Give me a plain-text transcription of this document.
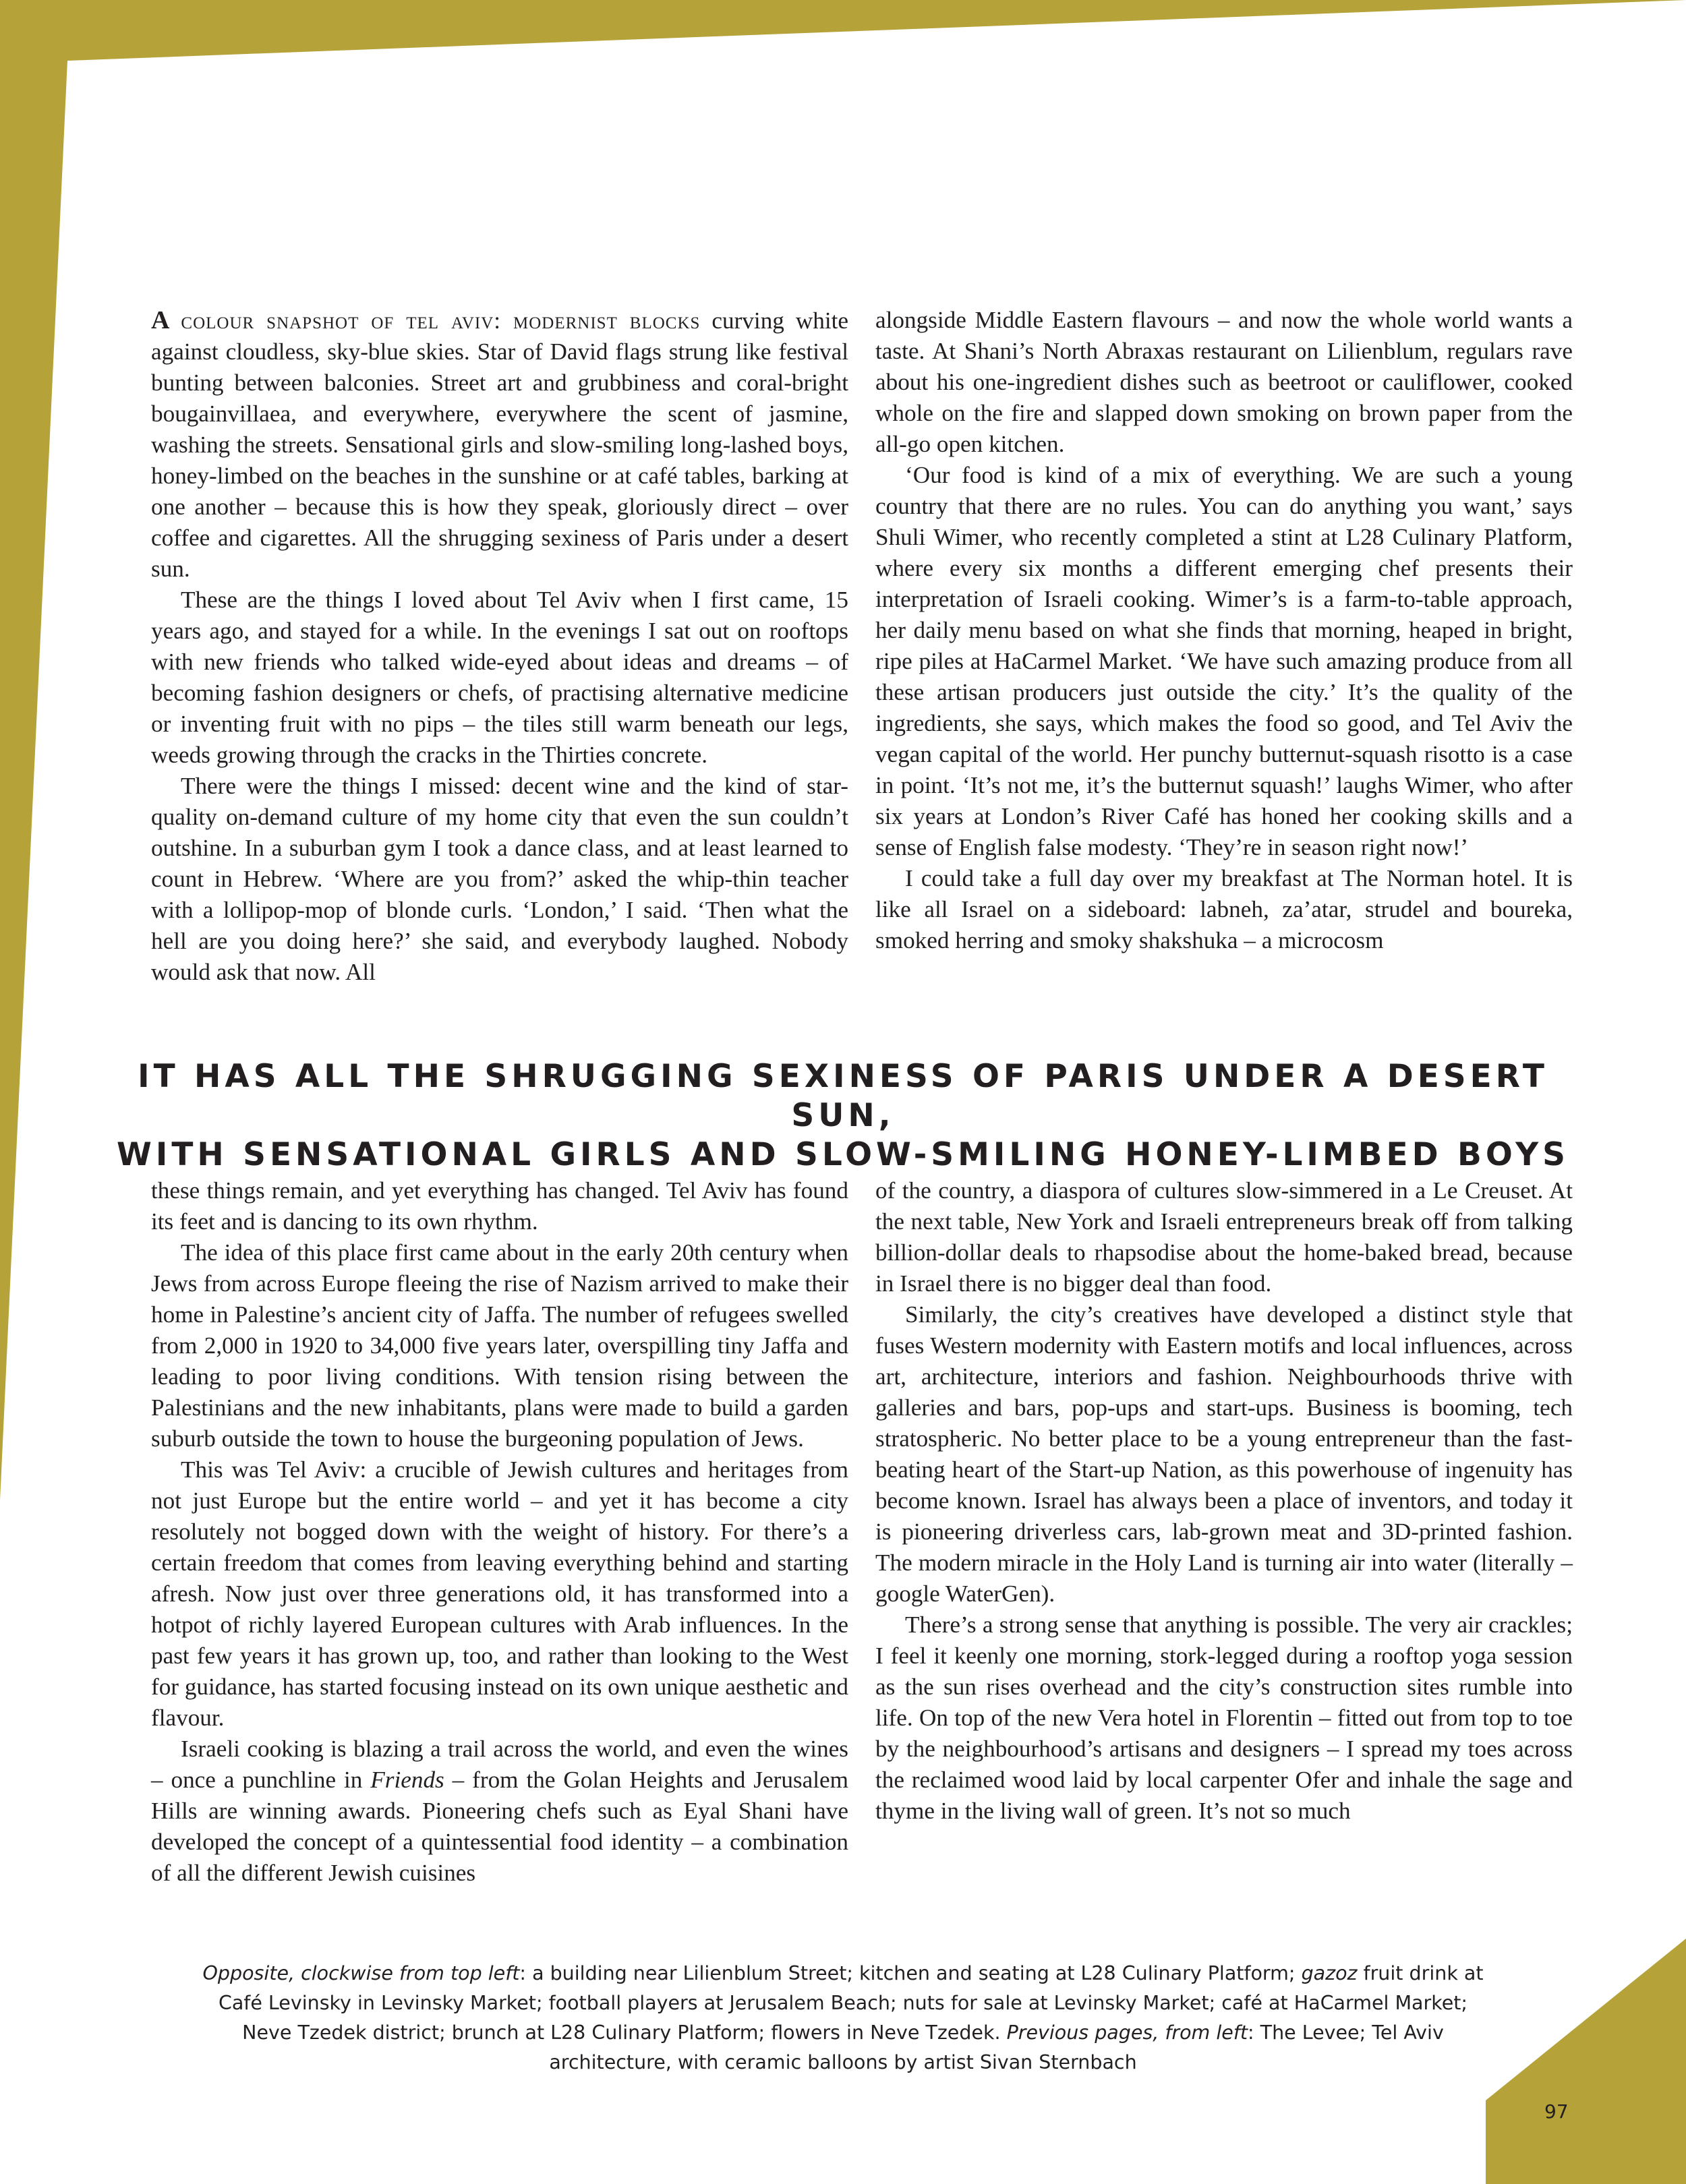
A colour snapshot of tel aviv: modernist blocks curving white against cloudless, sky-blue skies. Star of David flags strung like festival bunting between balconies. Street art and grubbiness and coral-bright bougainvillaea, and everywhere, everywhere the scent of jasmine, washing the streets. Sensational girls and slow-smiling long-lashed boys, honey-limbed on the beaches in the sunshine or at café tables, barking at one another – because this is how they speak, gloriously direct – over coffee and cigarettes. All the shrugging sexiness of Paris under a desert sun.

These are the things I loved about Tel Aviv when I first came, 15 years ago, and stayed for a while. In the evenings I sat out on rooftops with new friends who talked wide-eyed about ideas and dreams – of becoming fashion designers or chefs, of practising alternative medicine or inventing fruit with no pips – the tiles still warm beneath our legs, weeds growing through the cracks in the Thirties concrete.

There were the things I missed: decent wine and the kind of star-quality on-demand culture of my home city that even the sun couldn’t outshine. In a suburban gym I took a dance class, and at least learned to count in Hebrew. ‘Where are you from?’ asked the whip-thin teacher with a lollipop-mop of blonde curls. ‘London,’ I said. ‘Then what the hell are you doing here?’ she said, and everybody laughed. Nobody would ask that now. All

alongside Middle Eastern flavours – and now the whole world wants a taste. At Shani’s North Abraxas restaurant on Lilienblum, regulars rave about his one-ingredient dishes such as beetroot or cauliflower, cooked whole on the fire and slapped down smoking on brown paper from the all-go open kitchen.

‘Our food is kind of a mix of everything. We are such a young country that there are no rules. You can do anything you want,’ says Shuli Wimer, who recently completed a stint at L28 Culinary Platform, where every six months a different emerging chef presents their interpretation of Israeli cooking. Wimer’s is a farm-to-table approach, her daily menu based on what she finds that morning, heaped in bright, ripe piles at HaCarmel Market. ‘We have such amazing produce from all these artisan producers just outside the city.’ It’s the quality of the ingredients, she says, which makes the food so good, and Tel Aviv the vegan capital of the world. Her punchy butternut-squash risotto is a case in point. ‘It’s not me, it’s the butternut squash!’ laughs Wimer, who after six years at London’s River Café has honed her cooking skills and a sense of English false modesty. ‘They’re in season right now!’

I could take a full day over my breakfast at The Norman hotel. It is like all Israel on a sideboard: labneh, za’atar, strudel and boureka, smoked herring and smoky shakshuka – a microcosm

IT HAS ALL THE SHRUGGING SEXINESS OF PARIS UNDER A DESERT SUN,
WITH SENSATIONAL GIRLS AND SLOW-SMILING HONEY-LIMBED BOYS

these things remain, and yet everything has changed. Tel Aviv has found its feet and is dancing to its own rhythm.

The idea of this place first came about in the early 20th century when Jews from across Europe fleeing the rise of Nazism arrived to make their home in Palestine’s ancient city of Jaffa. The number of refugees swelled from 2,000 in 1920 to 34,000 five years later, overspilling tiny Jaffa and leading to poor living conditions. With tension rising between the Palestinians and the new inhabitants, plans were made to build a garden suburb outside the town to house the burgeoning population of Jews.

This was Tel Aviv: a crucible of Jewish cultures and heritages from not just Europe but the entire world – and yet it has become a city resolutely not bogged down with the weight of history. For there’s a certain freedom that comes from leaving everything behind and starting afresh. Now just over three generations old, it has transformed into a hotpot of richly layered European cultures with Arab influences. In the past few years it has grown up, too, and rather than looking to the West for guidance, has started focusing instead on its own unique aesthetic and flavour.

Israeli cooking is blazing a trail across the world, and even the wines – once a punchline in Friends – from the Golan Heights and Jerusalem Hills are winning awards. Pioneering chefs such as Eyal Shani have developed the concept of a quintessential food identity – a combination of all the different Jewish cuisines

of the country, a diaspora of cultures slow-simmered in a Le Creuset. At the next table, New York and Israeli entrepreneurs break off from talking billion-dollar deals to rhapsodise about the home-baked bread, because in Israel there is no bigger deal than food.

Similarly, the city’s creatives have developed a distinct style that fuses Western modernity with Eastern motifs and local influences, across art, architecture, interiors and fashion. Neighbourhoods thrive with galleries and bars, pop-ups and start-ups. Business is booming, tech stratospheric. No better place to be a young entrepreneur than the fast-beating heart of the Start-up Nation, as this powerhouse of ingenuity has become known. Israel has always been a place of inventors, and today it is pioneering driverless cars, lab-grown meat and 3D-printed fashion. The modern miracle in the Holy Land is turning air into water (literally – google WaterGen).

There’s a strong sense that anything is possible. The very air crackles; I feel it keenly one morning, stork-legged during a rooftop yoga session as the sun rises overhead and the city’s construction sites rumble into life. On top of the new Vera hotel in Florentin – fitted out from top to toe by the neighbourhood’s artisans and designers – I spread my toes across the reclaimed wood laid by local carpenter Ofer and inhale the sage and thyme in the living wall of green. It’s not so much

Opposite, clockwise from top left: a building near Lilienblum Street; kitchen and seating at L28 Culinary Platform; gazoz fruit drink at Café Levinsky in Levinsky Market; football players at Jerusalem Beach; nuts for sale at Levinsky Market; café at HaCarmel Market; Neve Tzedek district; brunch at L28 Culinary Platform; flowers in Neve Tzedek. Previous pages, from left: The Levee; Tel Aviv architecture, with ceramic balloons by artist Sivan Sternbach

97
